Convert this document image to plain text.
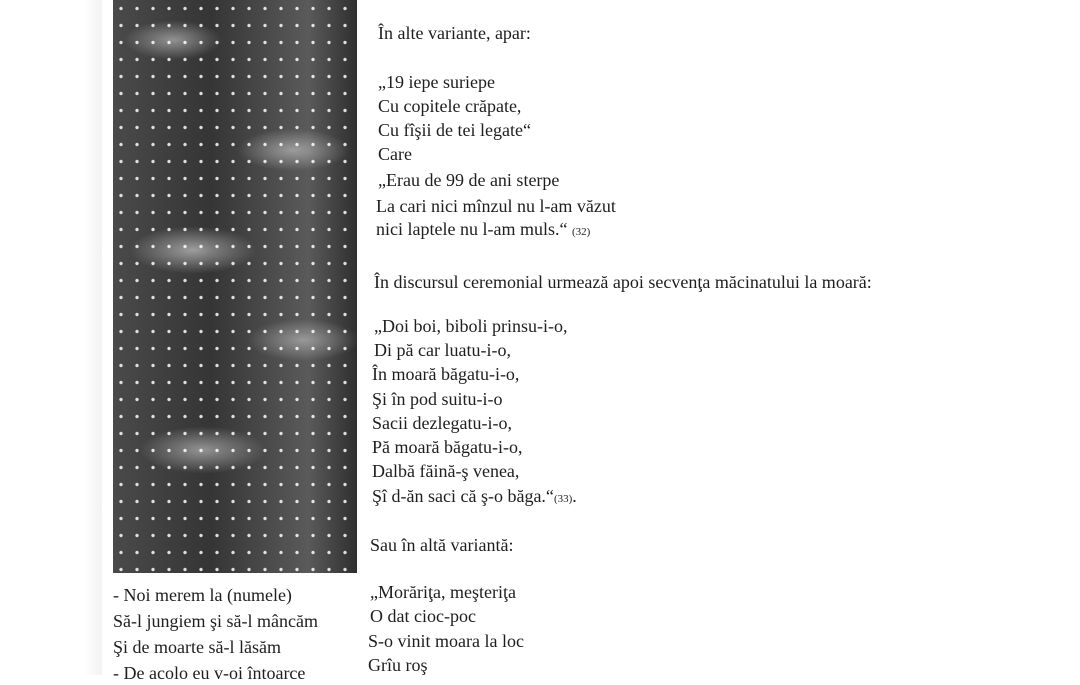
În alte variante, apar:
„19 iepe suriepe
Cu copitele crăpate,
Cu fîşii de tei legate“
Care
„Erau de 99 de ani sterpe
La cari nici mînzul nu l-am văzut
nici laptele nu l-am muls.“ (32)
În discursul ceremonial urmează apoi secvenţa măcinatului la moară:
„Doi boi, biboli prinsu-i-o,
Di pă car luatu-i-o,
În moară băgatu-i-o,
Şi în pod suitu-i-o
Sacii dezlegatu-i-o,
Pă moară băgatu-i-o,
Dalbă făină-ş venea,
Şî d-ăn saci că ş-o băga.“(33).
Sau în altă variantă:
„Morăriţa, meşteriţa
O dat cioc-poc
S-o vinit moara la loc
Grîu roş
- Noi merem la (numele)
Să-l jungiem şi să-l mâncăm
Şi de moarte să-l lăsăm
- De acolo eu v-oi întoarce
